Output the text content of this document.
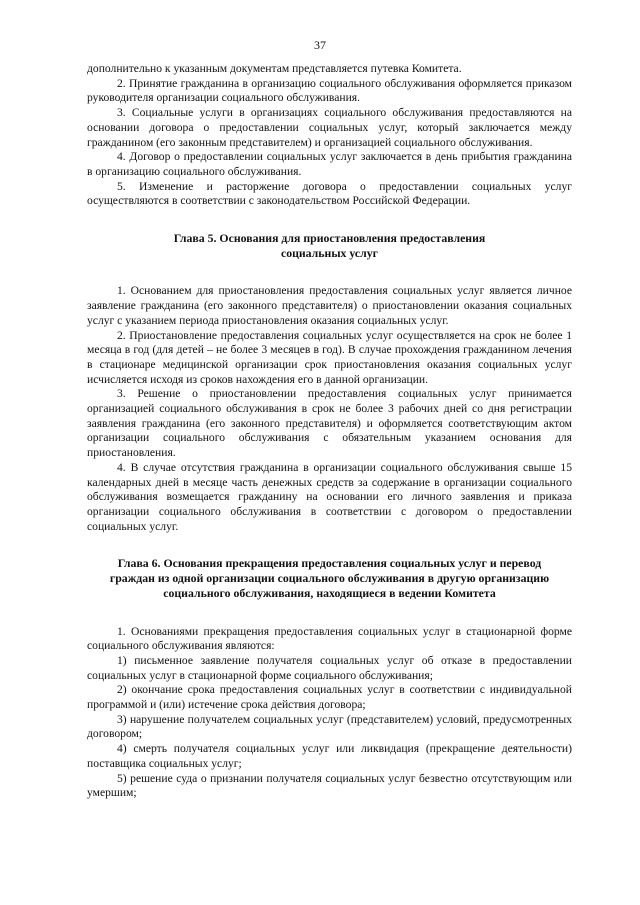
37

дополнительно к указанным документам представляется путевка Комитета.

2. Принятие гражданина в организацию социального обслуживания оформляется приказом руководителя организации социального обслуживания.

3. Социальные услуги в организациях социального обслуживания предоставляются на основании договора о предоставлении социальных услуг, который заключается между гражданином (его законным представителем) и организацией социального обслуживания.

4. Договор о предоставлении социальных услуг заключается в день прибытия гражданина в организацию социального обслуживания.

5. Изменение и расторжение договора о предоставлении социальных услуг осуществляются в соответствии с законодательством Российской Федерации.

Глава 5. Основания для приостановления предоставления
социальных услуг

1. Основанием для приостановления предоставления социальных услуг является личное заявление гражданина (его законного представителя) о приостановлении оказания социальных услуг с указанием периода приостановления оказания социальных услуг.

2. Приостановление предоставления социальных услуг осуществляется на срок не более 1 месяца в год (для детей – не более 3 месяцев в год). В случае прохождения гражданином лечения в стационаре медицинской организации срок приостановления оказания социальных услуг исчисляется исходя из сроков нахождения его в данной организации.

3. Решение о приостановлении предоставления социальных услуг принимается организацией социального обслуживания в срок не более 3 рабочих дней со дня регистрации заявления гражданина (его законного представителя) и оформляется соответствующим актом организации социального обслуживания с обязательным указанием основания для приостановления.

4. В случае отсутствия гражданина в организации социального обслуживания свыше 15 календарных дней в месяце часть денежных средств за содержание в организации социального обслуживания возмещается гражданину на основании его личного заявления и приказа организации социального обслуживания в соответствии с договором о предоставлении социальных услуг.

Глава 6. Основания прекращения предоставления социальных услуг и перевод
граждан из одной организации социального обслуживания в другую организацию
социального обслуживания, находящиеся в ведении Комитета

1. Основаниями прекращения предоставления социальных услуг в стационарной форме социального обслуживания являются:

1) письменное заявление получателя социальных услуг об отказе в предоставлении социальных услуг в стационарной форме социального обслуживания;

2) окончание срока предоставления социальных услуг в соответствии с индивидуальной программой и (или) истечение срока действия договора;

3) нарушение получателем социальных услуг (представителем) условий, предусмотренных договором;

4) смерть получателя социальных услуг или ликвидация (прекращение деятельности) поставщика социальных услуг;

5) решение суда о признании получателя социальных услуг безвестно отсутствующим или умершим;
